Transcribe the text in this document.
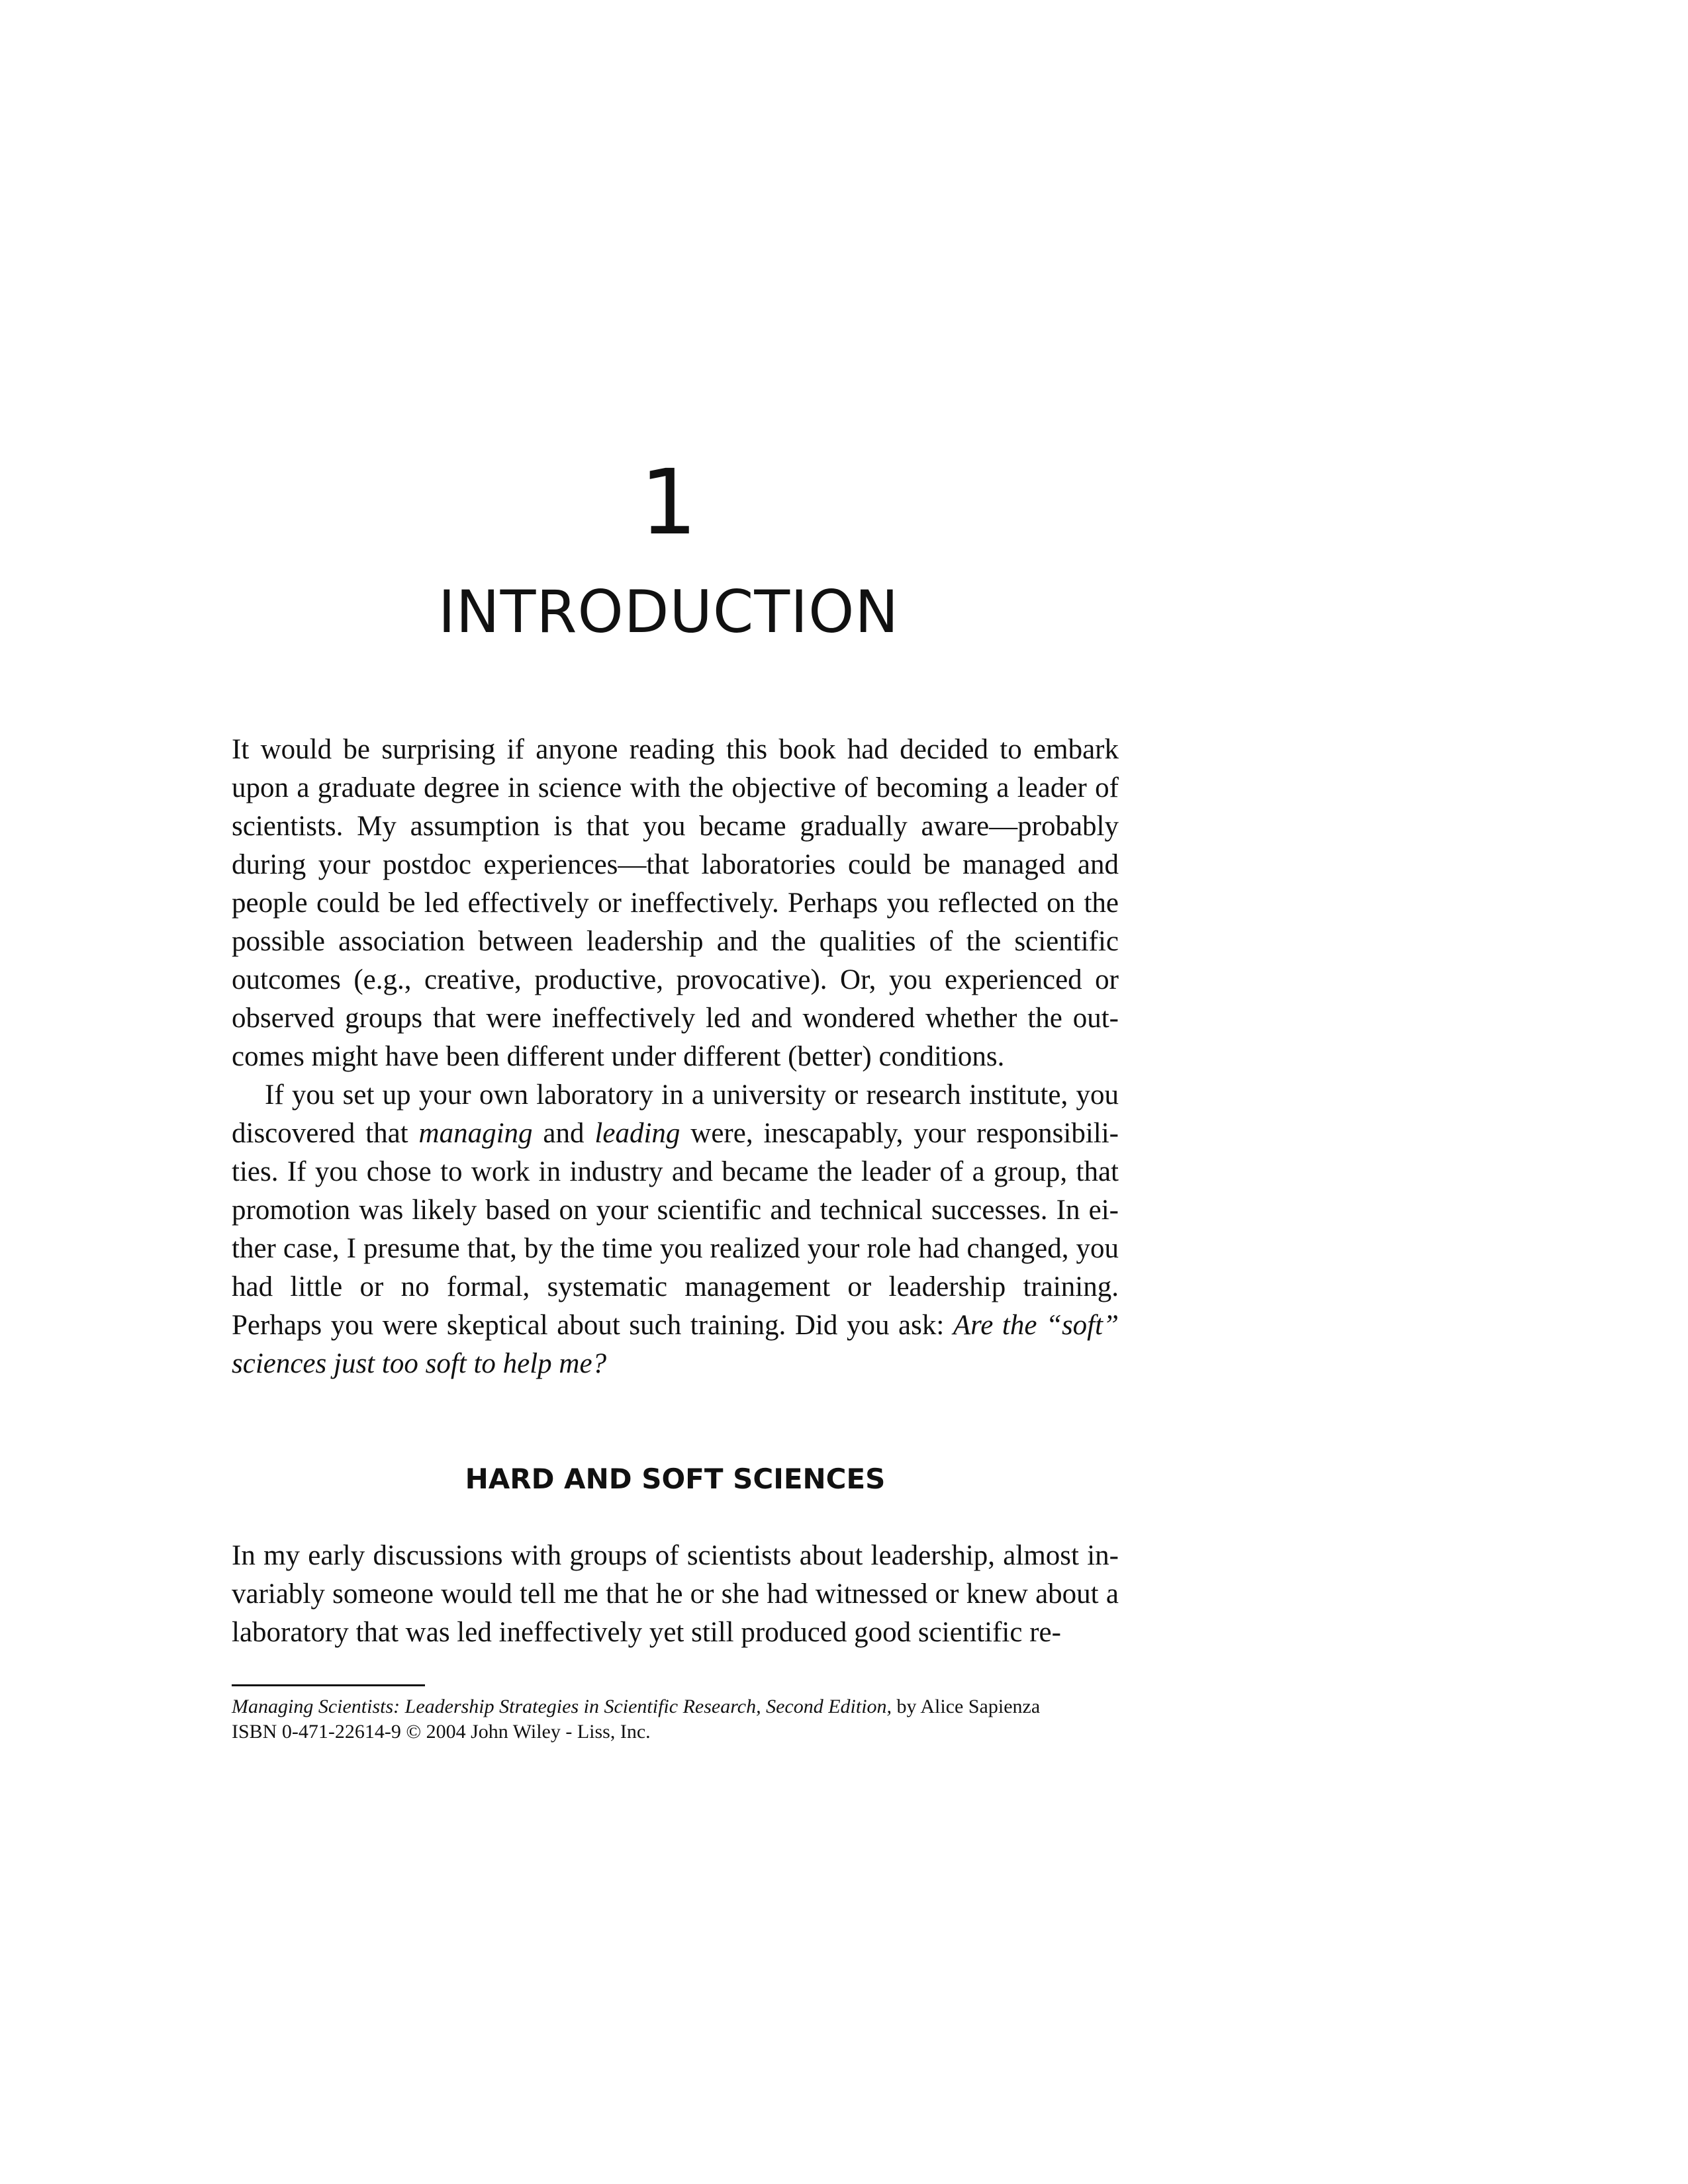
1
INTRODUCTION

It would be surprising if anyone reading this book had decided to embark upon a graduate degree in science with the objective of becoming a leader of scientists. My assumption is that you became gradually aware—probably during your postdoc experiences—that laboratories could be managed and people could be led effectively or ineffectively. Perhaps you reflected on the possible association between leadership and the qualities of the scientific outcomes (e.g., creative, productive, provocative). Or, you experienced or observed groups that were ineffectively led and wondered whether the outcomes might have been different under different (better) conditions.

If you set up your own laboratory in a university or research institute, you discovered that managing and leading were, inescapably, your responsibilities. If you chose to work in industry and became the leader of a group, that promotion was likely based on your scientific and technical successes. In either case, I presume that, by the time you realized your role had changed, you had little or no formal, systematic management or leadership training. Perhaps you were skeptical about such training. Did you ask: Are the “soft” sciences just too soft to help me?

HARD AND SOFT SCIENCES

In my early discussions with groups of scientists about leadership, almost invariably someone would tell me that he or she had witnessed or knew about a laboratory that was led ineffectively yet still produced good scientific re-

Managing Scientists: Leadership Strategies in Scientific Research, Second Edition, by Alice Sapienza
ISBN 0-471-22614-9 © 2004 John Wiley - Liss, Inc.
